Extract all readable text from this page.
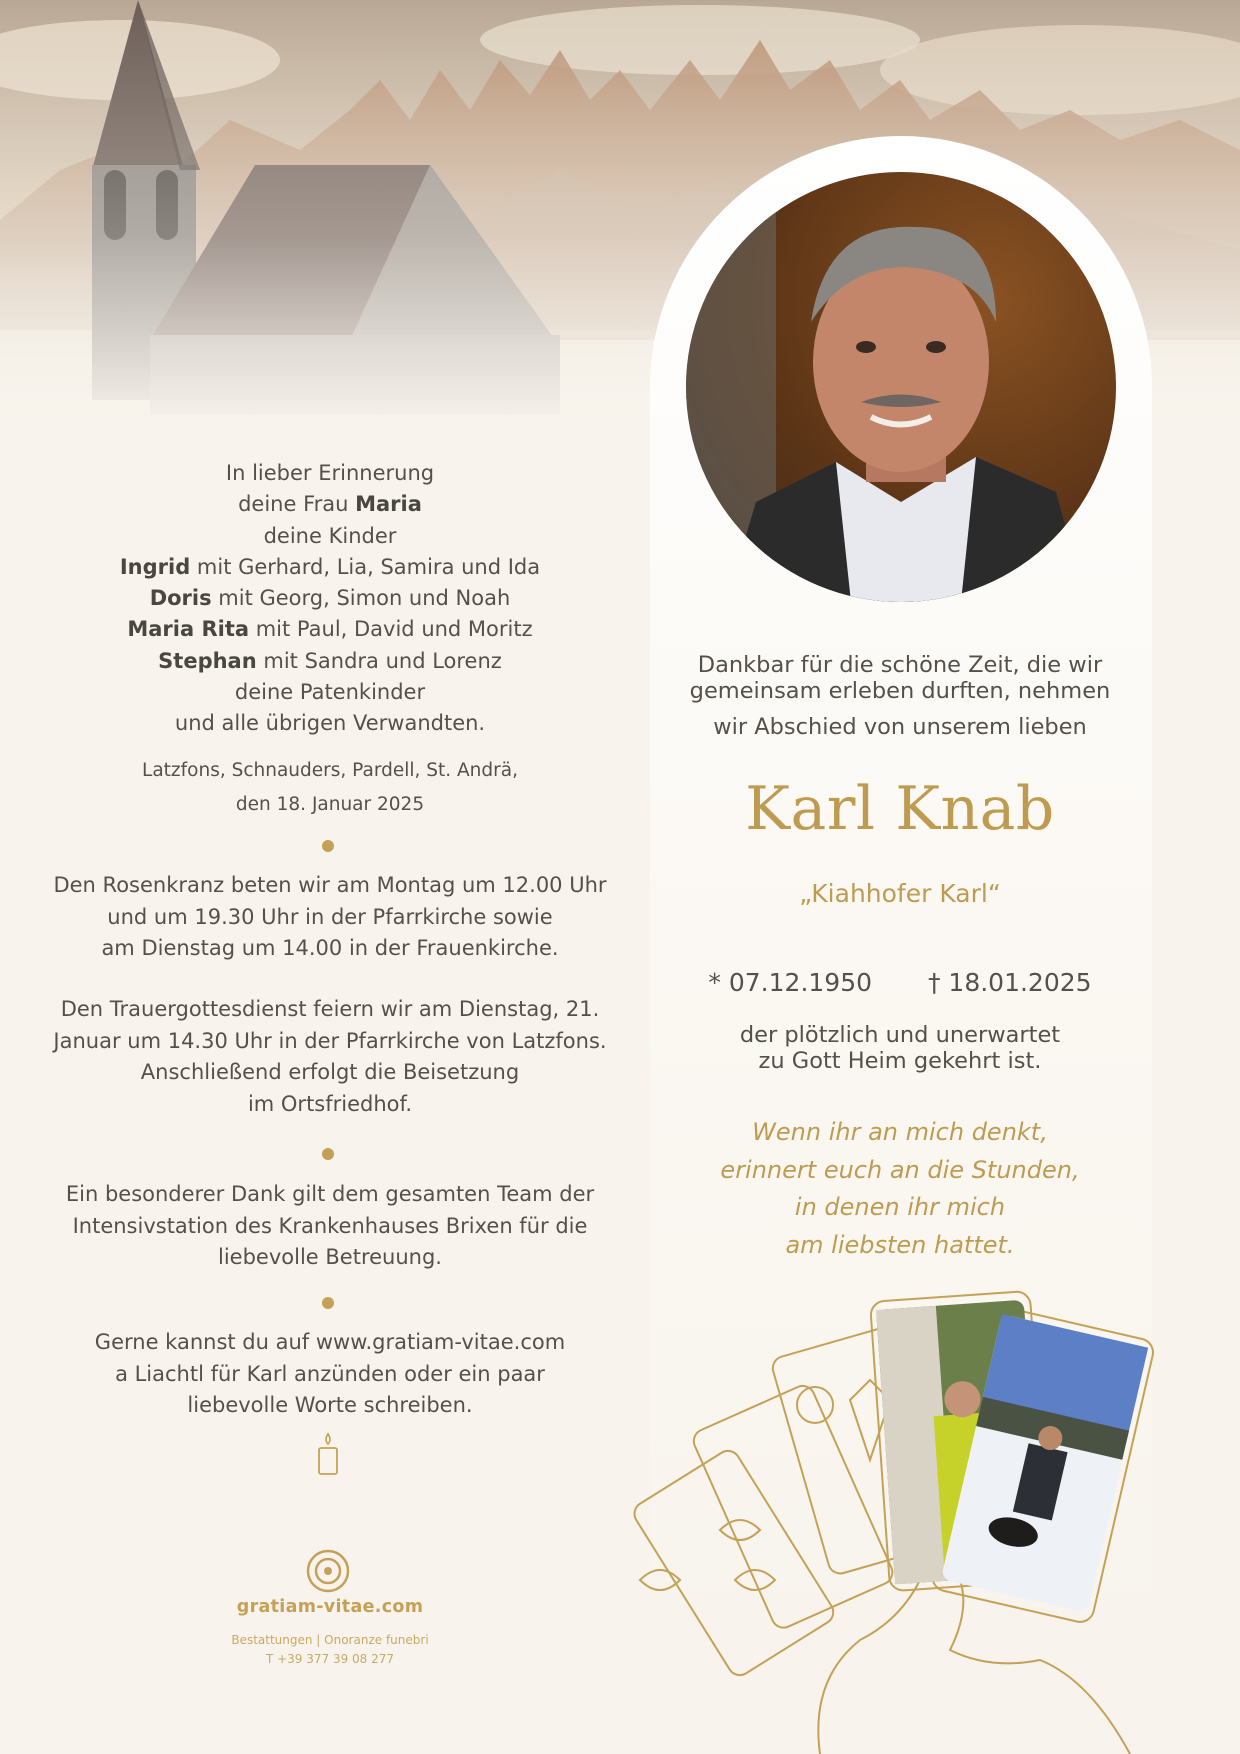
In lieber Erinnerung
deine Frau Maria
deine Kinder
Ingrid mit Gerhard, Lia, Samira und Ida
Doris mit Georg, Simon und Noah
Maria Rita mit Paul, David und Moritz
Stephan mit Sandra und Lorenz
deine Patenkinder
und alle übrigen Verwandten.
Latzfons, Schnauders, Pardell, St. Andrä,
den 18. Januar 2025
Den Rosenkranz beten wir am Montag um 12.00 Uhr
und um 19.30 Uhr in der Pfarrkirche sowie
am Dienstag um 14.00 in der Frauenkirche.
Den Trauergottesdienst feiern wir am Dienstag, 21.
Januar um 14.30 Uhr in der Pfarrkirche von Latzfons.
Anschließend erfolgt die Beisetzung
im Ortsfriedhof.
Ein besonderer Dank gilt dem gesamten Team der
Intensivstation des Krankenhauses Brixen für die
liebevolle Betreuung.
Gerne kannst du auf www.gratiam-vitae.com
a Liachtl für Karl anzünden oder ein paar
liebevolle Worte schreiben.
Dankbar für die schöne Zeit, die wir
gemeinsam erleben durften, nehmen
wir Abschied von unserem lieben
Karl Knab
„Kiahhofer Karl“
* 07.12.1950 † 18.01.2025
der plötzlich und unerwartet
zu Gott Heim gekehrt ist.
Wenn ihr an mich denkt,
erinnert euch an die Stunden,
in denen ihr mich
am liebsten hattet.
gratiam-vitae.com
Bestattungen | Onoranze funebri
T +39 377 39 08 277
